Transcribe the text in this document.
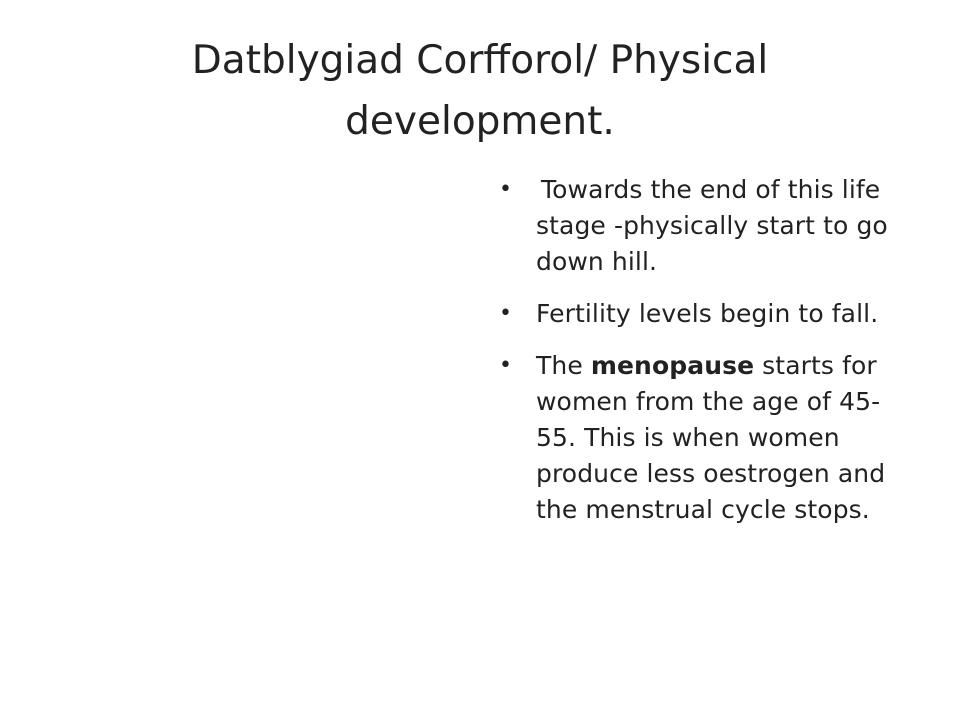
Datblygiad Corfforol/ Physical development.
• Towards the end of this life stage -physically start to go down hill.
• Fertility levels begin to fall.
• The menopause starts for women from the age of 45-55. This is when women produce less oestrogen and the menstrual cycle stops.
